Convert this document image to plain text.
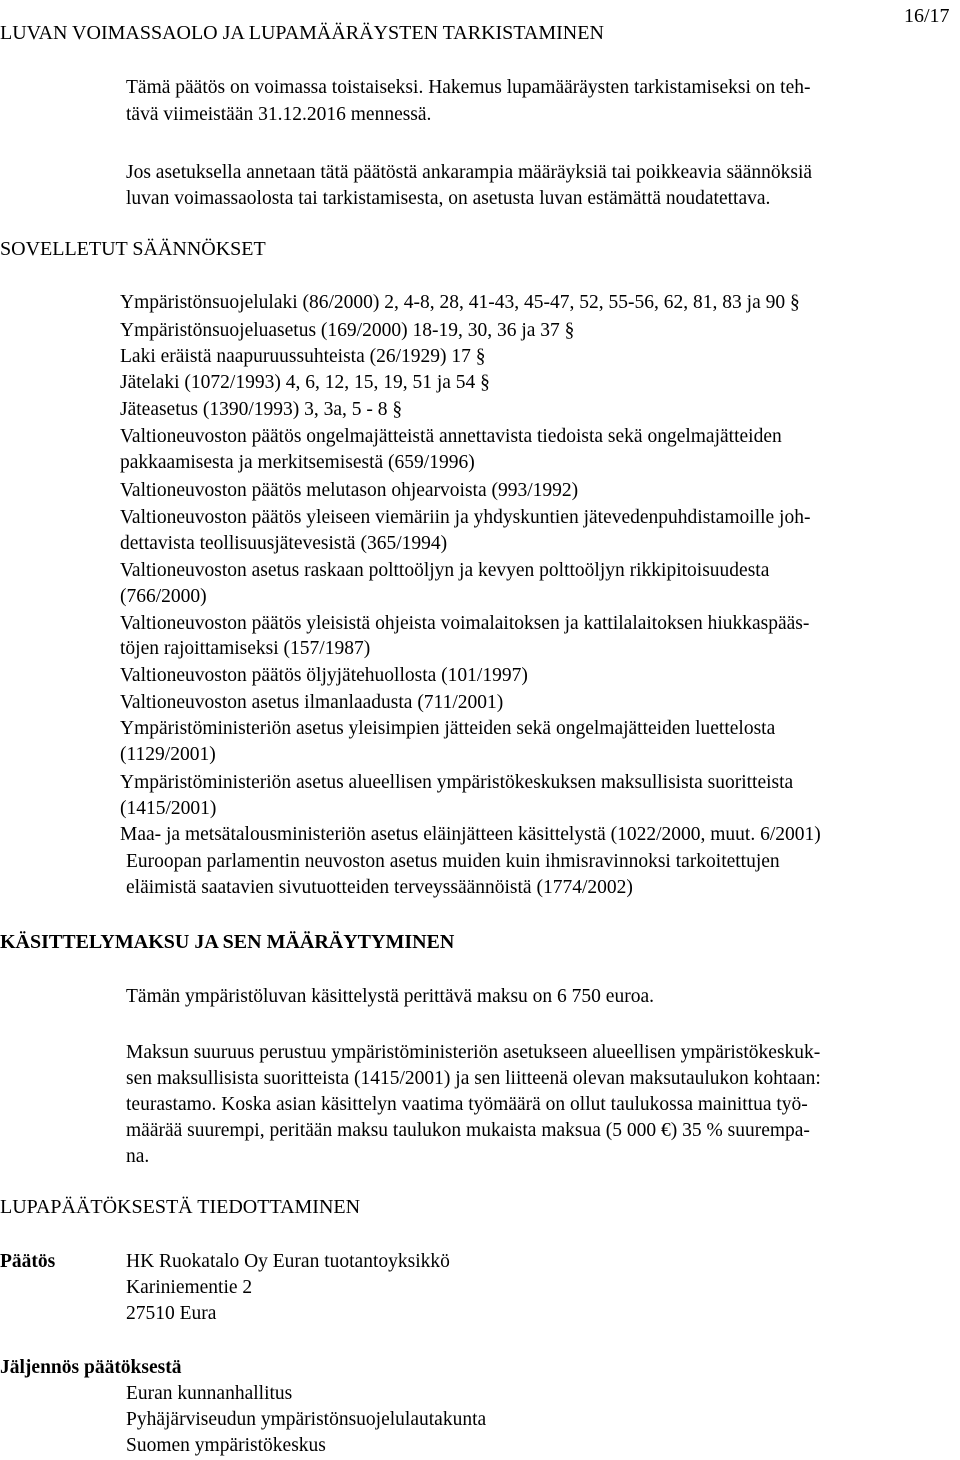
LUVAN VOIMASSAOLO JA LUPAMÄÄRÄYSTEN TARKISTAMINEN
16/17
Tämä päätös on voimassa toistaiseksi. Hakemus lupamääräysten tarkistamiseksi on teh-
tävä viimeistään 31.12.2016 mennessä.
Jos asetuksella annetaan tätä päätöstä ankarampia määräyksiä tai poikkeavia säännöksiä
luvan voimassaolosta tai tarkistamisesta, on asetusta luvan estämättä noudatettava.
SOVELLETUT SÄÄNNÖKSET
Ympäristönsuojelulaki (86/2000) 2, 4-8, 28, 41-43, 45-47, 52, 55-56, 62, 81, 83 ja 90 §
Ympäristönsuojeluasetus (169/2000) 18-19, 30, 36 ja 37 §
Laki eräistä naapuruussuhteista (26/1929) 17 §
Jätelaki (1072/1993) 4, 6, 12, 15, 19, 51 ja 54 §
Jäteasetus (1390/1993) 3, 3a, 5 - 8 §
Valtioneuvoston päätös ongelmajätteistä annettavista tiedoista sekä ongelmajätteiden
pakkaamisesta ja merkitsemisestä (659/1996)
Valtioneuvoston päätös melutason ohjearvoista (993/1992)
Valtioneuvoston päätös yleiseen viemäriin ja yhdyskuntien jätevedenpuhdistamoille joh-
dettavista teollisuusjätevesistä (365/1994)
Valtioneuvoston asetus raskaan polttoöljyn ja kevyen polttoöljyn rikkipitoisuudesta
(766/2000)
Valtioneuvoston päätös yleisistä ohjeista voimalaitoksen ja kattilalaitoksen hiukkaspääs-
töjen rajoittamiseksi (157/1987)
Valtioneuvoston päätös öljyjätehuollosta (101/1997)
Valtioneuvoston asetus ilmanlaadusta (711/2001)
Ympäristöministeriön asetus yleisimpien jätteiden sekä ongelmajätteiden luettelosta
(1129/2001)
Ympäristöministeriön asetus alueellisen ympäristökeskuksen maksullisista suoritteista
(1415/2001)
Maa- ja metsätalousministeriön asetus eläinjätteen käsittelystä (1022/2000, muut. 6/2001)
Euroopan parlamentin neuvoston asetus muiden kuin ihmisravinnoksi tarkoitettujen
eläimistä saatavien sivutuotteiden terveyssäännöistä (1774/2002)
KÄSITTELYMAKSU JA SEN MÄÄRÄYTYMINEN
Tämän ympäristöluvan käsittelystä perittävä maksu on 6 750 euroa.
Maksun suuruus perustuu ympäristöministeriön asetukseen alueellisen ympäristökeskuk-
sen maksullisista suoritteista (1415/2001) ja sen liitteenä olevan maksutaulukon kohtaan:
teurastamo. Koska asian käsittelyn vaatima työmäärä on ollut taulukossa mainittua työ-
määrää suurempi, peritään maksu taulukon mukaista maksua (5 000 €) 35 % suurempa-
na.
LUPAPÄÄTÖKSESTÄ TIEDOTTAMINEN
Päätös	HK Ruokatalo Oy Euran tuotantoyksikkö
Kariniementie 2
27510 Eura
Jäljennös päätöksestä
Euran kunnanhallitus
Pyhäjärviseudun ympäristönsuojelulautakunta
Suomen ympäristökeskus
